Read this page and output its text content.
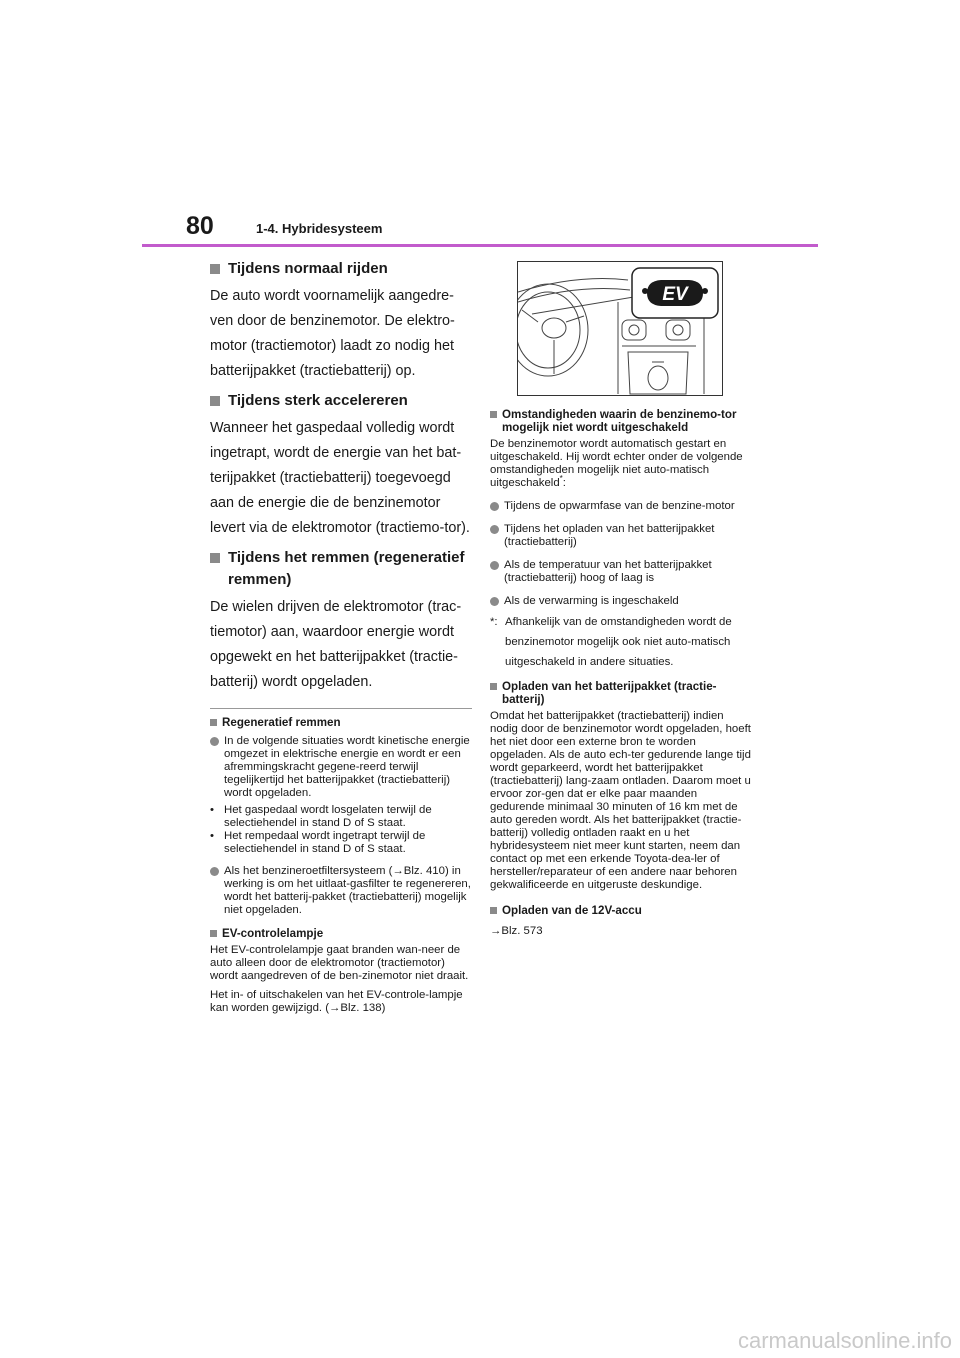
80	1-4. Hybridesysteem
Tijdens normaal rijden

De auto wordt voornamelijk aangedre-ven door de benzinemotor. De elektro-motor (tractiemotor) laadt zo nodig het batterijpakket (tractiebatterij) op.

Tijdens sterk accelereren

Wanneer het gaspedaal volledig wordt ingetrapt, wordt de energie van het bat-terijpakket (tractiebatterij) toegevoegd aan de energie die de benzinemotor levert via de elektromotor (tractiemo-tor).

Tijdens het remmen (regeneratief remmen)

De wielen drijven de elektromotor (trac-tiemotor) aan, waardoor energie wordt opgewekt en het batterijpakket (tractie-batterij) wordt opgeladen.

Regeneratief remmen
In de volgende situaties wordt kinetische energie omgezet in elektrische energie en wordt er een afremmingskracht gegene-reerd terwijl tegelijkertijd het batterijpakket (tractiebatterij) wordt opgeladen.
• Het gaspedaal wordt losgelaten terwijl de selectiehendel in stand D of S staat.
• Het rempedaal wordt ingetrapt terwijl de selectiehendel in stand D of S staat.
Als het benzineroetfiltersysteem (→Blz. 410) in werking is om het uitlaat-gasfilter te regenereren, wordt het batterij-pakket (tractiebatterij) mogelijk niet opgeladen.
EV-controlelampje

Het EV-controlelampje gaat branden wan-neer de auto alleen door de elektromotor (tractiemotor) wordt aangedreven of de ben-zinemotor niet draait.

Het in- of uitschakelen van het EV-controle-lampje kan worden gewijzigd. (→Blz. 138)

EV
Omstandigheden waarin de benzinemo-tor mogelijk niet wordt uitgeschakeld

De benzinemotor wordt automatisch gestart en uitgeschakeld. Hij wordt echter onder de volgende omstandigheden mogelijk niet auto-matisch uitgeschakeld*:

Tijdens de opwarmfase van de benzine-motor
Tijdens het opladen van het batterijpakket (tractiebatterij)
Als de temperatuur van het batterijpakket (tractiebatterij) hoog of laag is
Als de verwarming is ingeschakeld
*: Afhankelijk van de omstandigheden wordt de benzinemotor mogelijk ook niet auto-matisch uitgeschakeld in andere situaties.
Opladen van het batterijpakket (tractie-batterij)

Omdat het batterijpakket (tractiebatterij) indien nodig door de benzinemotor wordt opgeladen, hoeft het niet door een externe bron te worden opgeladen. Als de auto ech-ter gedurende lange tijd wordt geparkeerd, wordt het batterijpakket (tractiebatterij) lang-zaam ontladen. Daarom moet u ervoor zor-gen dat er elke paar maanden gedurende minimaal 30 minuten of 16 km met de auto gereden wordt. Als het batterijpakket (tractie-batterij) volledig ontladen raakt en u het hybridesysteem niet meer kunt starten, neem dan contact op met een erkende Toyota-dea-ler of hersteller/reparateur of een andere naar behoren gekwalificeerde en uitgeruste deskundige.

Opladen van de 12V-accu

→Blz. 573

carmanualsonline.info
